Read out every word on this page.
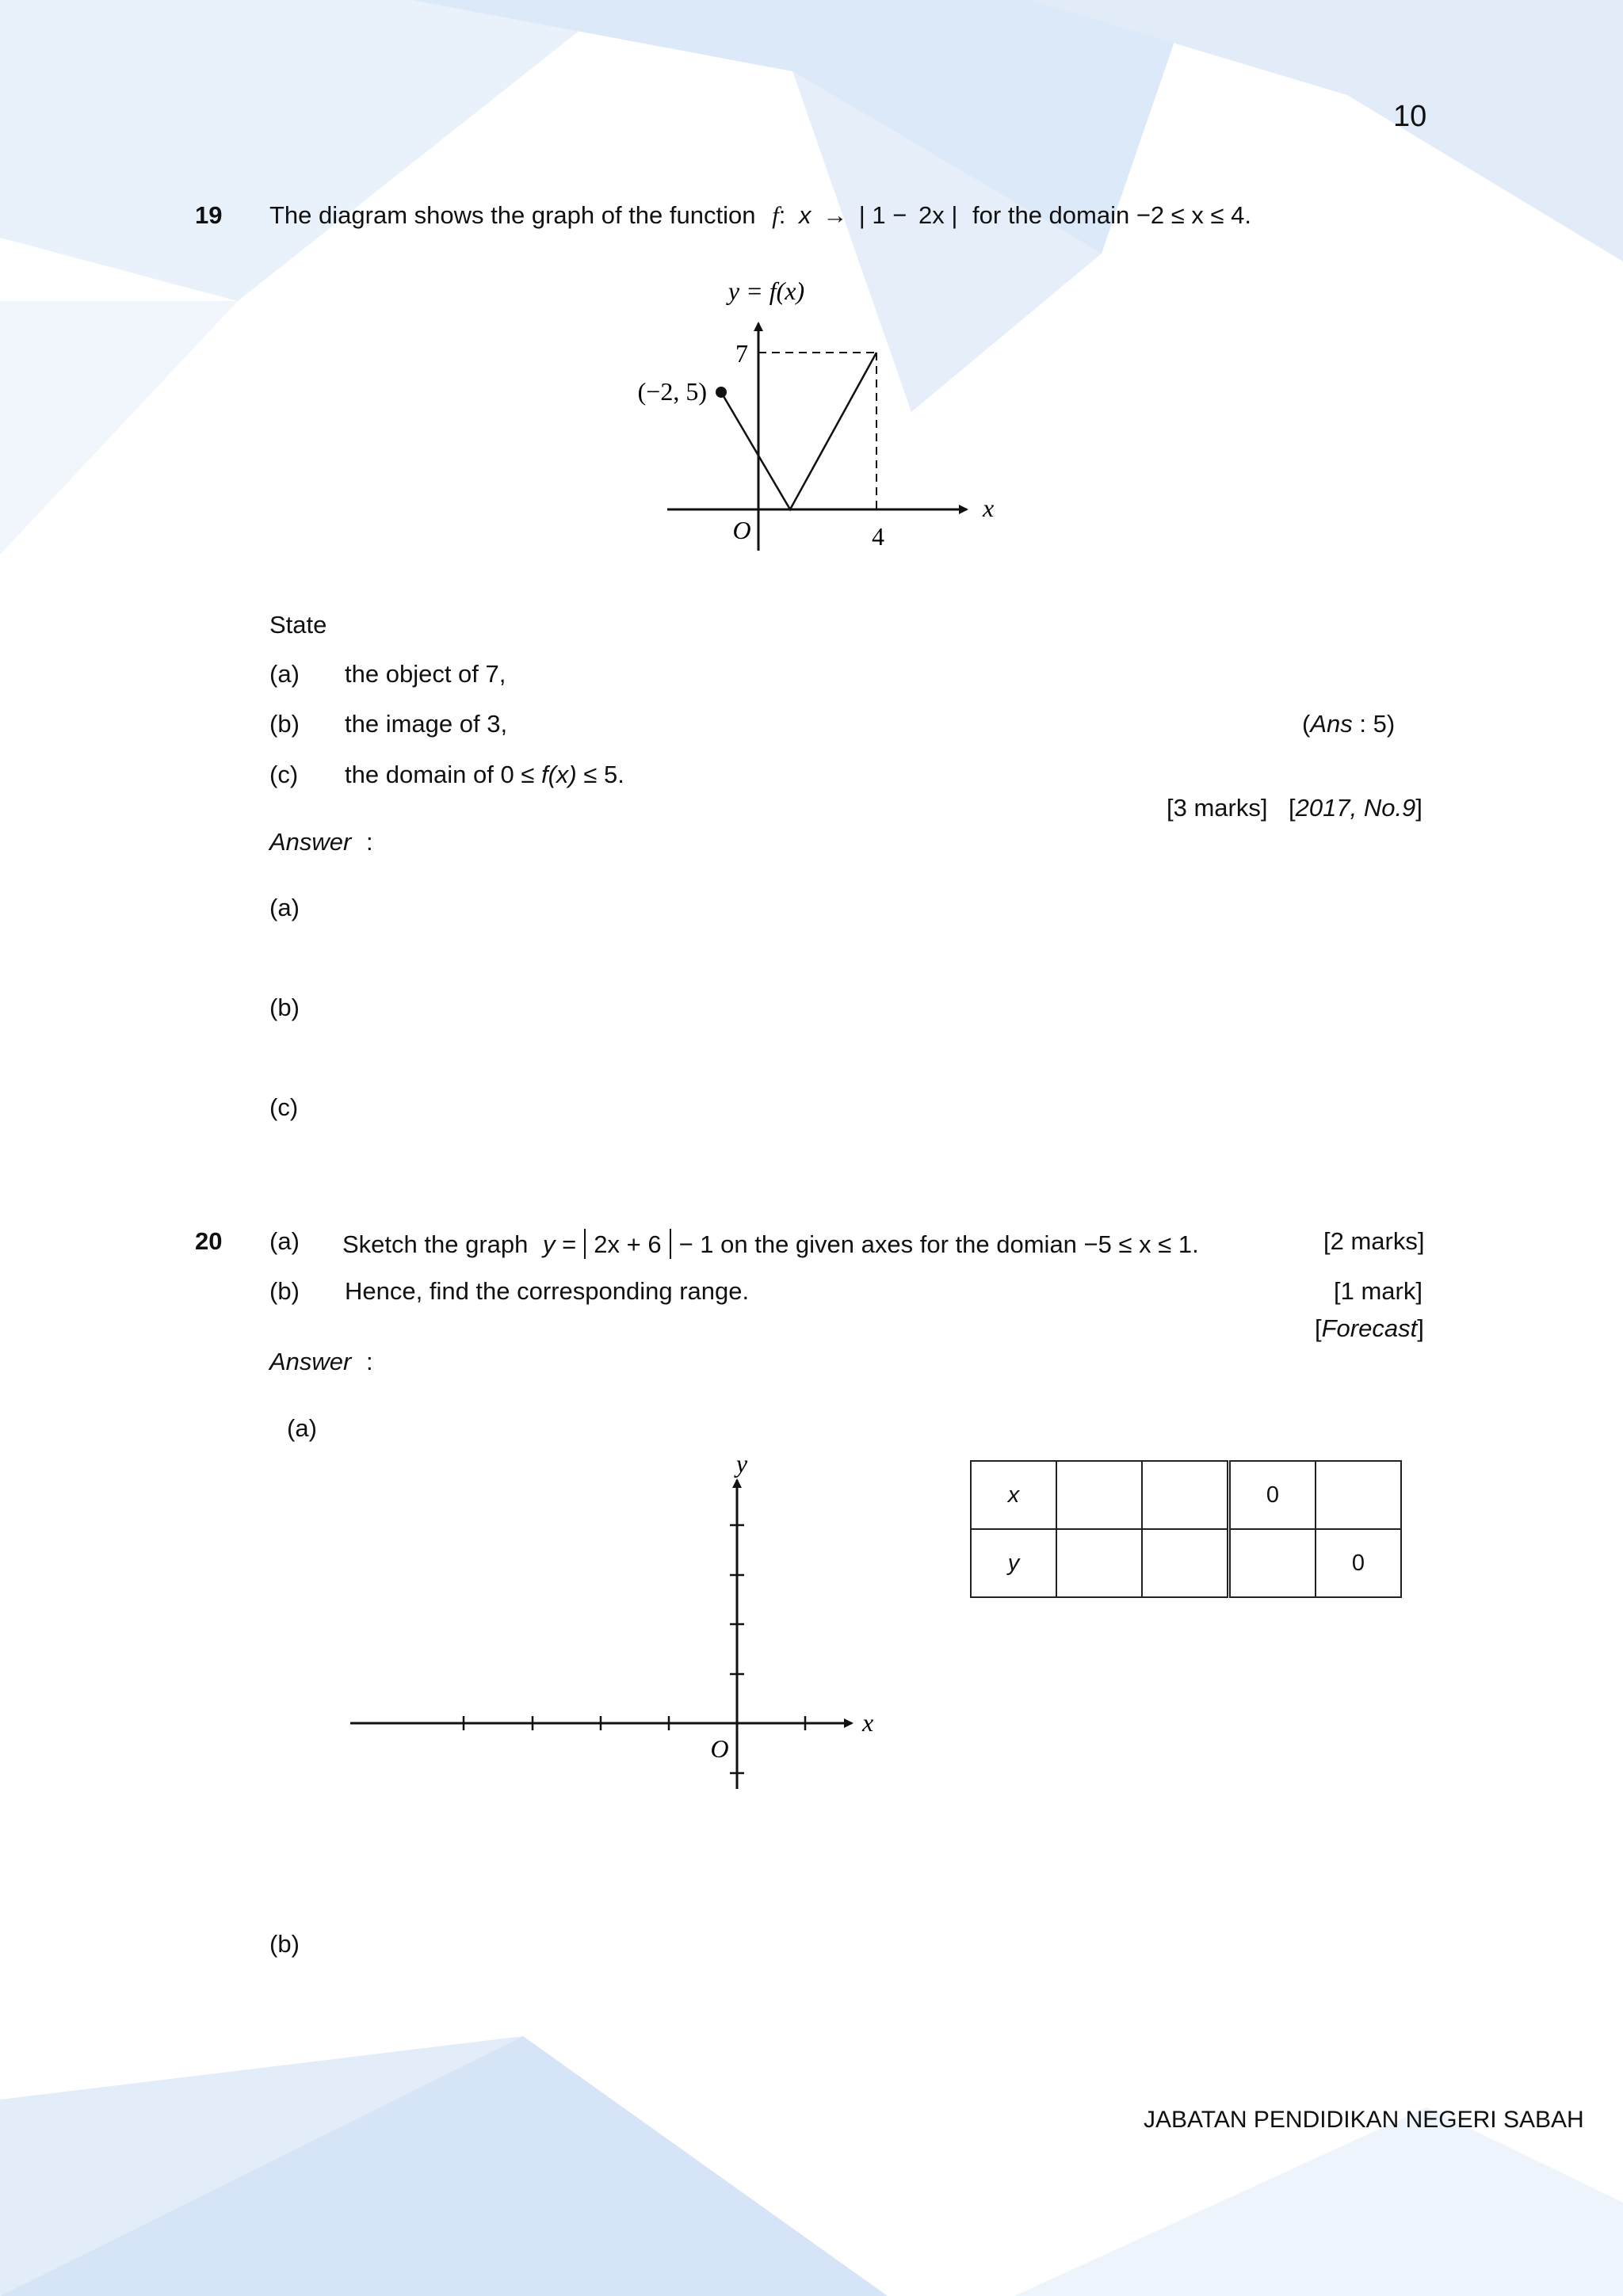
10
19 The diagram shows the graph of the function f: x → | 1 − 2x | for the domain −2 ≤ x ≤ 4.
y = f(x)
7
(−2, 5)
O	4
x
State
(a) the object of 7,
(b) the image of 3,	(Ans : 5)
(c) the domain of 0 ≤ f(x) ≤ 5.
[3 marks] [2017, No.9]
Answer :
(a)
(b)
(c)
20 (a) Sketch the graph y = 2x + 6 − 1 on the given axes for the domian −5 ≤ x ≤ 1.	[2 marks]
(b) Hence, find the corresponding range.	[1 mark]
[Forecast]
Answer :
(a)
y
x
O
x			0	
y				0
(b)
JABATAN PENDIDIKAN NEGERI SABAH
